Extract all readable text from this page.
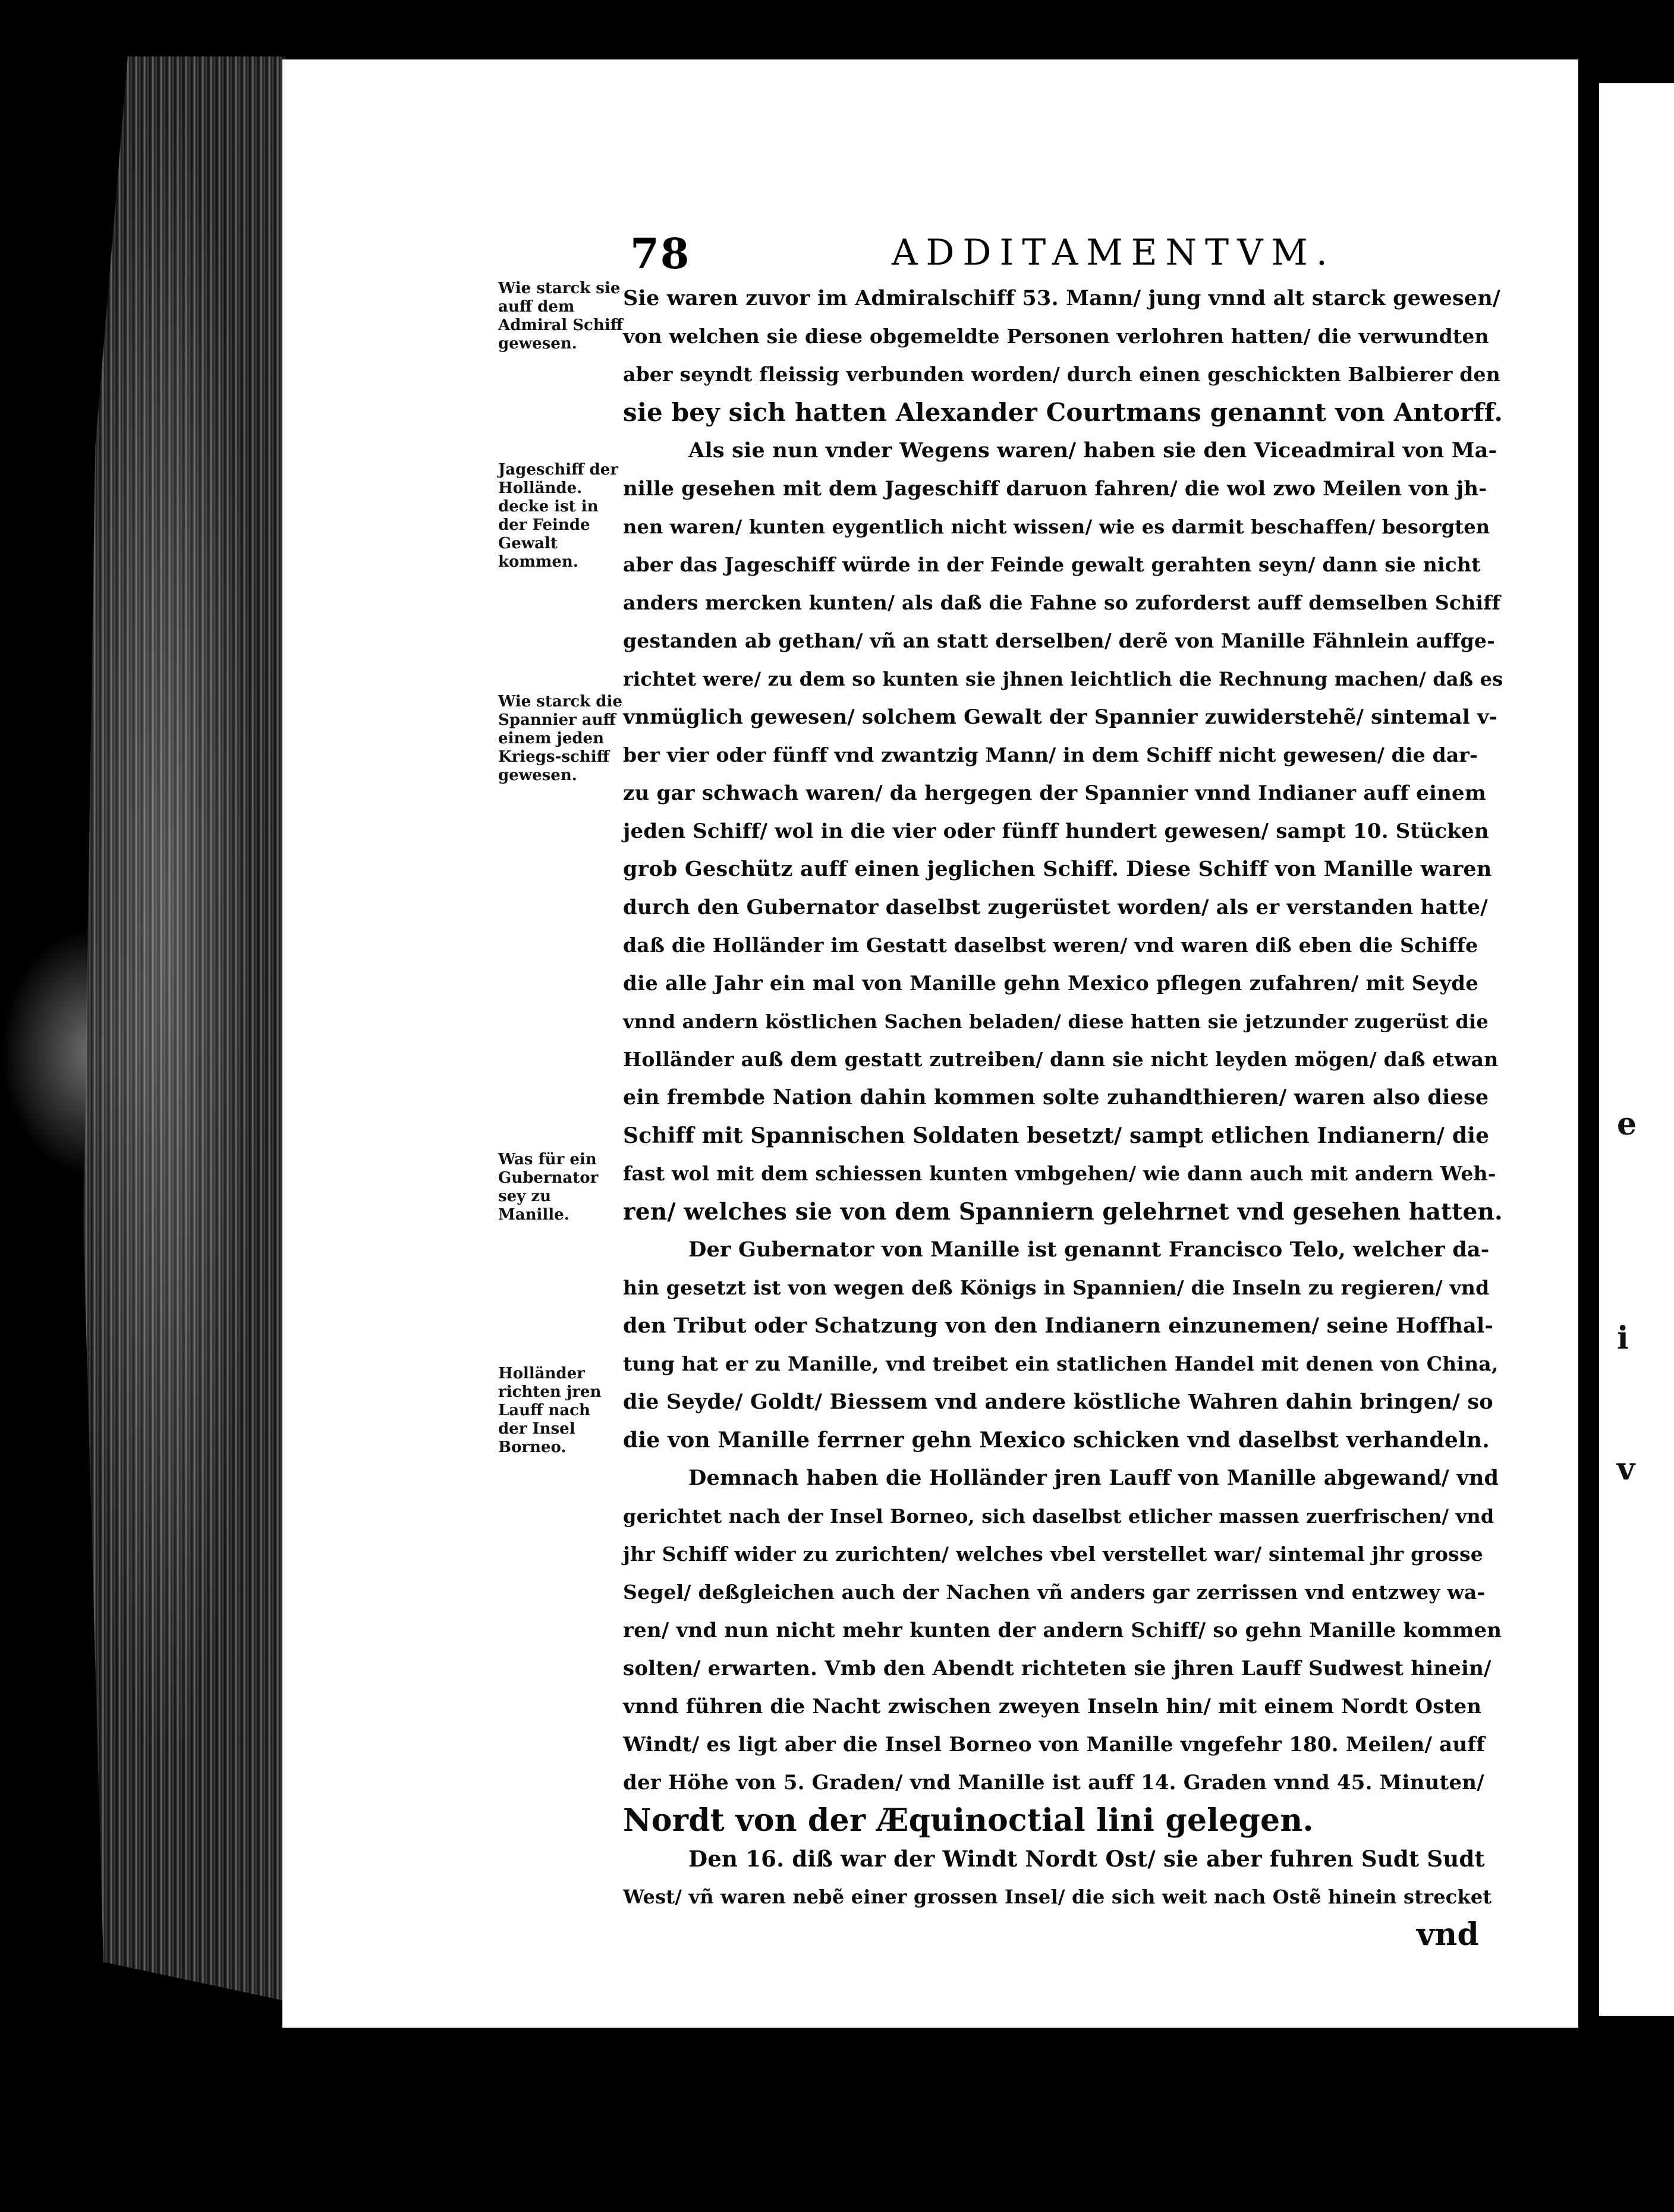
e
i
v
78	ADDITAMENTVM.
Wie starck sie auff dem Admiral Schiff gewesen.
Jageschiff der Hollände. decke ist in der Feinde Gewalt kommen.
Wie starck die Spannier auff einem jeden Kriegs-schiff gewesen.
Was für ein Gubernator sey zu Manille.
Holländer richten jren Lauff nach der Insel Borneo.
Sie waren zuvor im Admiralschiff 53. Mann/ jung vnnd alt starck gewesen/
von welchen sie diese obgemeldte Personen verlohren hatten/ die verwundten
aber seyndt fleissig verbunden worden/ durch einen geschickten Balbierer den
sie bey sich hatten Alexander Courtmans genannt von Antorff.
Als sie nun vnder Wegens waren/ haben sie den Viceadmiral von Ma-
nille gesehen mit dem Jageschiff daruon fahren/ die wol zwo Meilen von jh-
nen waren/ kunten eygentlich nicht wissen/ wie es darmit beschaffen/ besorgten
aber das Jageschiff würde in der Feinde gewalt gerahten seyn/ dann sie nicht
anders mercken kunten/ als daß die Fahne so zuforderst auff demselben Schiff
gestanden ab gethan/ vñ an statt derselben/ derẽ von Manille Fähnlein auffge-
richtet were/ zu dem so kunten sie jhnen leichtlich die Rechnung machen/ daß es
vnmüglich gewesen/ solchem Gewalt der Spannier zuwiderstehẽ/ sintemal v-
ber vier oder fünff vnd zwantzig Mann/ in dem Schiff nicht gewesen/ die dar-
zu gar schwach waren/ da hergegen der Spannier vnnd Indianer auff einem
jeden Schiff/ wol in die vier oder fünff hundert gewesen/ sampt 10. Stücken
grob Geschütz auff einen jeglichen Schiff. Diese Schiff von Manille waren
durch den Gubernator daselbst zugerüstet worden/ als er verstanden hatte/
daß die Holländer im Gestatt daselbst weren/ vnd waren diß eben die Schiffe
die alle Jahr ein mal von Manille gehn Mexico pflegen zufahren/ mit Seyde
vnnd andern köstlichen Sachen beladen/ diese hatten sie jetzunder zugerüst die
Holländer auß dem gestatt zutreiben/ dann sie nicht leyden mögen/ daß etwan
ein frembde Nation dahin kommen solte zuhandthieren/ waren also diese
Schiff mit Spannischen Soldaten besetzt/ sampt etlichen Indianern/ die
fast wol mit dem schiessen kunten vmbgehen/ wie dann auch mit andern Weh-
ren/ welches sie von dem Spanniern gelehrnet vnd gesehen hatten.
Der Gubernator von Manille ist genannt Francisco Telo, welcher da-
hin gesetzt ist von wegen deß Königs in Spannien/ die Inseln zu regieren/ vnd
den Tribut oder Schatzung von den Indianern einzunemen/ seine Hoffhal-
tung hat er zu Manille, vnd treibet ein statlichen Handel mit denen von China,
die Seyde/ Goldt/ Biessem vnd andere köstliche Wahren dahin bringen/ so
die von Manille ferrner gehn Mexico schicken vnd daselbst verhandeln.
Demnach haben die Holländer jren Lauff von Manille abgewand/ vnd
gerichtet nach der Insel Borneo, sich daselbst etlicher massen zuerfrischen/ vnd
jhr Schiff wider zu zurichten/ welches vbel verstellet war/ sintemal jhr grosse
Segel/ deßgleichen auch der Nachen vñ anders gar zerrissen vnd entzwey wa-
ren/ vnd nun nicht mehr kunten der andern Schiff/ so gehn Manille kommen
solten/ erwarten. Vmb den Abendt richteten sie jhren Lauff Sudwest hinein/
vnnd führen die Nacht zwischen zweyen Inseln hin/ mit einem Nordt Osten
Windt/ es ligt aber die Insel Borneo von Manille vngefehr 180. Meilen/ auff
der Höhe von 5. Graden/ vnd Manille ist auff 14. Graden vnnd 45. Minuten/
Nordt von der Æquinoctial lini gelegen.
Den 16. diß war der Windt Nordt Ost/ sie aber fuhren Sudt Sudt
West/ vñ waren nebẽ einer grossen Insel/ die sich weit nach Ostẽ hinein strecket
vnd
